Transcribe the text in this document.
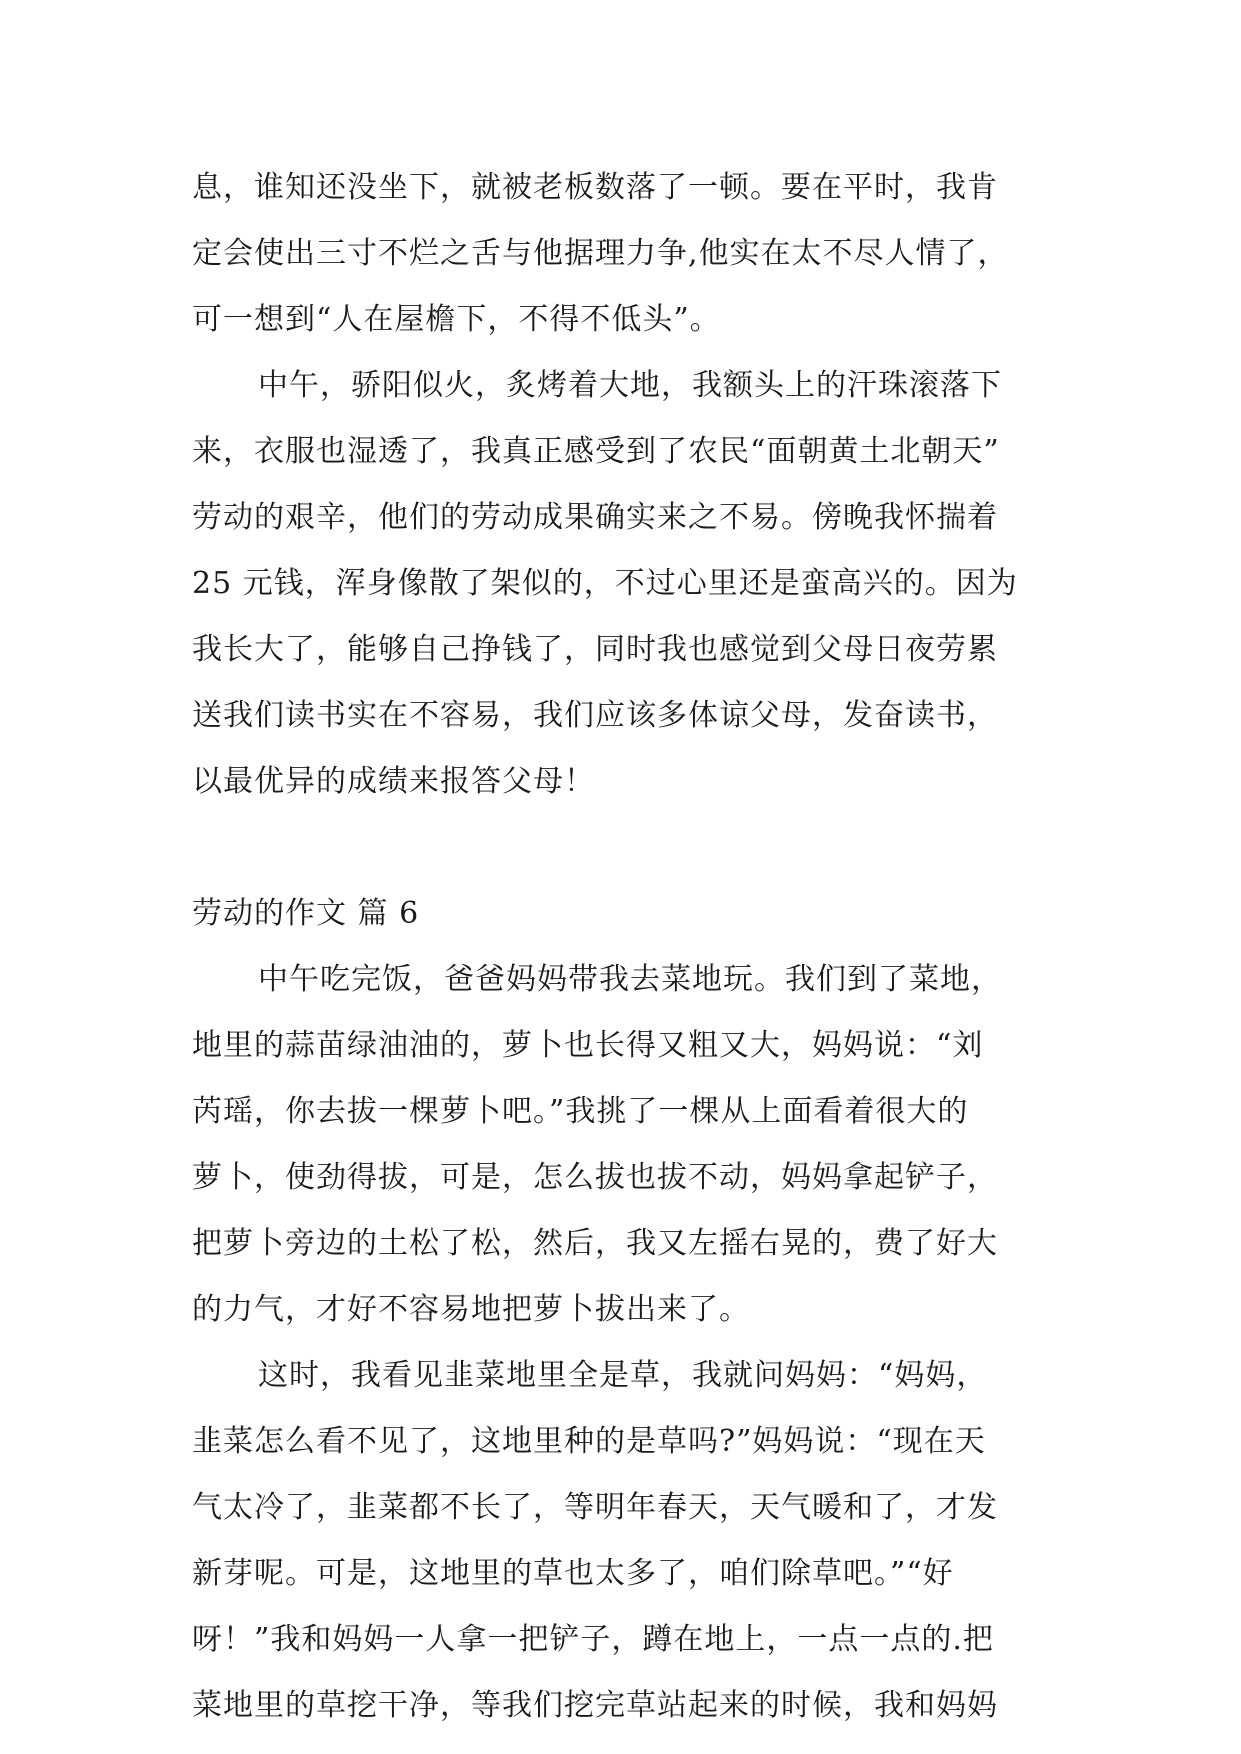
息，谁知还没坐下，就被老板数落了一顿。要在平时，我肯
定会使出三寸不烂之舌与他据理力争,他实在太不尽人情了，
可一想到“人在屋檐下，不得不低头”。
中午，骄阳似火，炙烤着大地，我额头上的汗珠滚落下
来，衣服也湿透了，我真正感受到了农民“面朝黄土北朝天”
劳动的艰辛，他们的劳动成果确实来之不易。傍晚我怀揣着
25 元钱，浑身像散了架似的，不过心里还是蛮高兴的。因为
我长大了，能够自己挣钱了，同时我也感觉到父母日夜劳累
送我们读书实在不容易，我们应该多体谅父母，发奋读书，
以最优异的成绩来报答父母！
劳动的作文 篇 6
中午吃完饭，爸爸妈妈带我去菜地玩。我们到了菜地，
地里的蒜苗绿油油的，萝卜也长得又粗又大，妈妈说：“刘
芮瑶，你去拔一棵萝卜吧。”我挑了一棵从上面看着很大的
萝卜，使劲得拔，可是，怎么拔也拔不动，妈妈拿起铲子，
把萝卜旁边的土松了松，然后，我又左摇右晃的，费了好大
的力气，才好不容易地把萝卜拔出来了。
这时，我看见韭菜地里全是草，我就问妈妈：“妈妈，
韭菜怎么看不见了，这地里种的是草吗?”妈妈说：“现在天
气太冷了，韭菜都不长了，等明年春天，天气暖和了，才发
新芽呢。可是，这地里的草也太多了，咱们除草吧。”“好
呀！”我和妈妈一人拿一把铲子，蹲在地上，一点一点的.把
菜地里的草挖干净，等我们挖完草站起来的时候，我和妈妈
